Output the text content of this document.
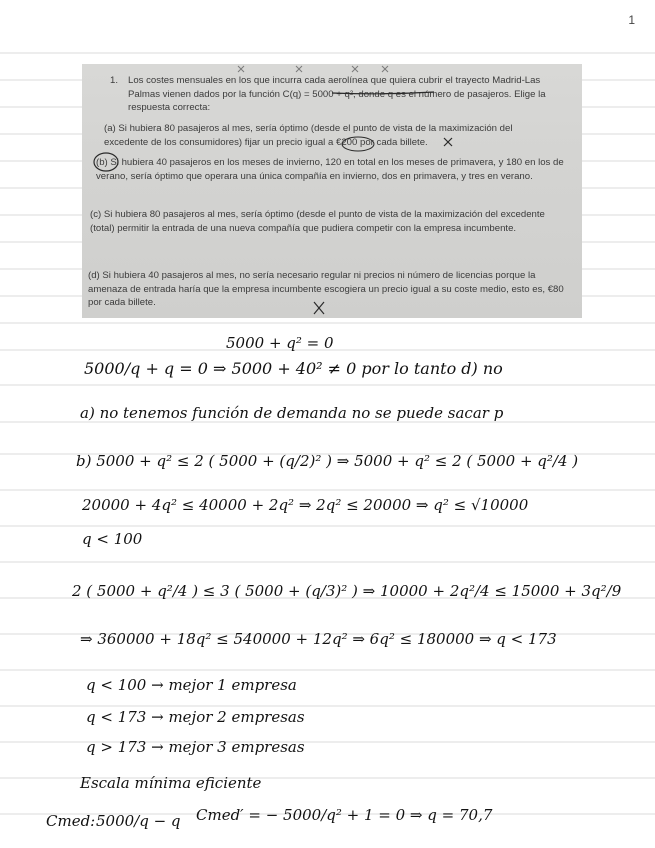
1
1. Los costes mensuales en los que incurra cada aerolínea que quiera cubrir el trayecto Madrid-Las Palmas vienen dados por la función C(q) = 5000 + q², donde q es el número de pasajeros. Elige la respuesta correcta:
(a) Si hubiera 80 pasajeros al mes, sería óptimo (desde el punto de vista de la maximización del excedente de los consumidores) fijar un precio igual a €200 por cada billete.
(b) Si hubiera 40 pasajeros en los meses de invierno, 120 en total en los meses de primavera, y 180 en los de verano, sería óptimo que operara una única compañía en invierno, dos en primavera, y tres en verano.
(c) Si hubiera 80 pasajeros al mes, sería óptimo (desde el punto de vista de la maximización del excedente (total) permitir la entrada de una nueva compañía que pudiera competir con la empresa incumbente.
(d) Si hubiera 40 pasajeros al mes, no sería necesario regular ni precios ni número de licencias porque la amenaza de entrada haría que la empresa incumbente escogiera un precio igual a su coste medio, esto es, €80 por cada billete.
5000 + q² = 0
5000/q + q = 0 ⇒ 5000 + 40² ≠ 0 por lo tanto d) no
a) no tenemos función de demanda no se puede sacar p
b) 5000 + q² ≤ 2 ( 5000 + (q/2)² ) ⇒ 5000 + q² ≤ 2 ( 5000 + q²/4 )
20000 + 4q² ≤ 40000 + 2q² ⇒ 2q² ≤ 20000 ⇒ q² ≤ √10000
q < 100
2 ( 5000 + q²/4 ) ≤ 3 ( 5000 + (q/3)² ) ⇒ 10000 + 2q²/4 ≤ 15000 + 3q²/9
⇒ 360000 + 18q² ≤ 540000 + 12q² ⇒ 6q² ≤ 180000 ⇒ q < 173
q < 100 → mejor 1 empresa
q < 173 → mejor 2 empresas
q > 173 → mejor 3 empresas
Escala mínima eficiente
Cmed: 5000/q − q Cmed′ = − 5000/q² + 1 = 0 ⇒ q = 70,7
